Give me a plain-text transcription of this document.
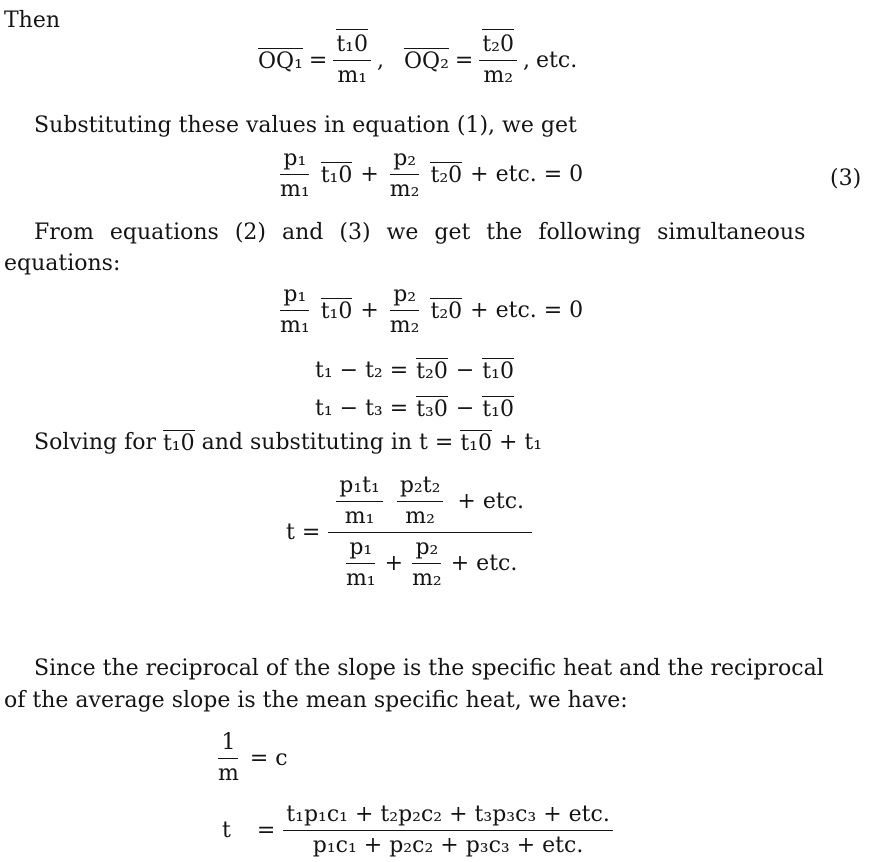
Then
$OQ_1 = \frac{\text{t₁0}}{\text{m₁}}$ , $OQ_2 = \frac{\text{t₂0}}{\text{m₂}}$ , etc.
Substituting these values in equation (1), we get
$\frac{\text{p₁}}{\text{m₁}} t_10 + \frac{\text{p₂}}{\text{m₂}} t_20$ + etc. = 0	(3)
From equations (2) and (3) we get the following simultaneous
equations:
$\frac{\text{p₁}}{\text{m₁}} t_10 + \frac{\text{p₂}}{\text{m₂}} t_20$ + etc. = 0
t₁ − t₂ = t₂0 − t₁0
t₁ − t₃ = t₃0 − t₁0
Solving for t₁0 and substituting in t = t₁0 + t₁
$t = \frac{\frac{\text{p₁t₁}}{\text{m₁}} \frac{\text{p₂t₂}}{\text{m₂}} + etc.}{\frac{\text{p₁}}{\text{m₁}} + \frac{\text{p₂}}{\text{m₂}} + etc.}$
Since the reciprocal of the slope is the specific heat and the reciprocal
of the average slope is the mean specific heat, we have:
$\frac{1}{m} = c$
$t = \frac{\text{t₁p₁c₁ + t₂p₂c₂ + t₃p₃c₃ + etc.}}{\text{p₁c₁ + p₂c₂ + p₃c₃ + etc.}}$
